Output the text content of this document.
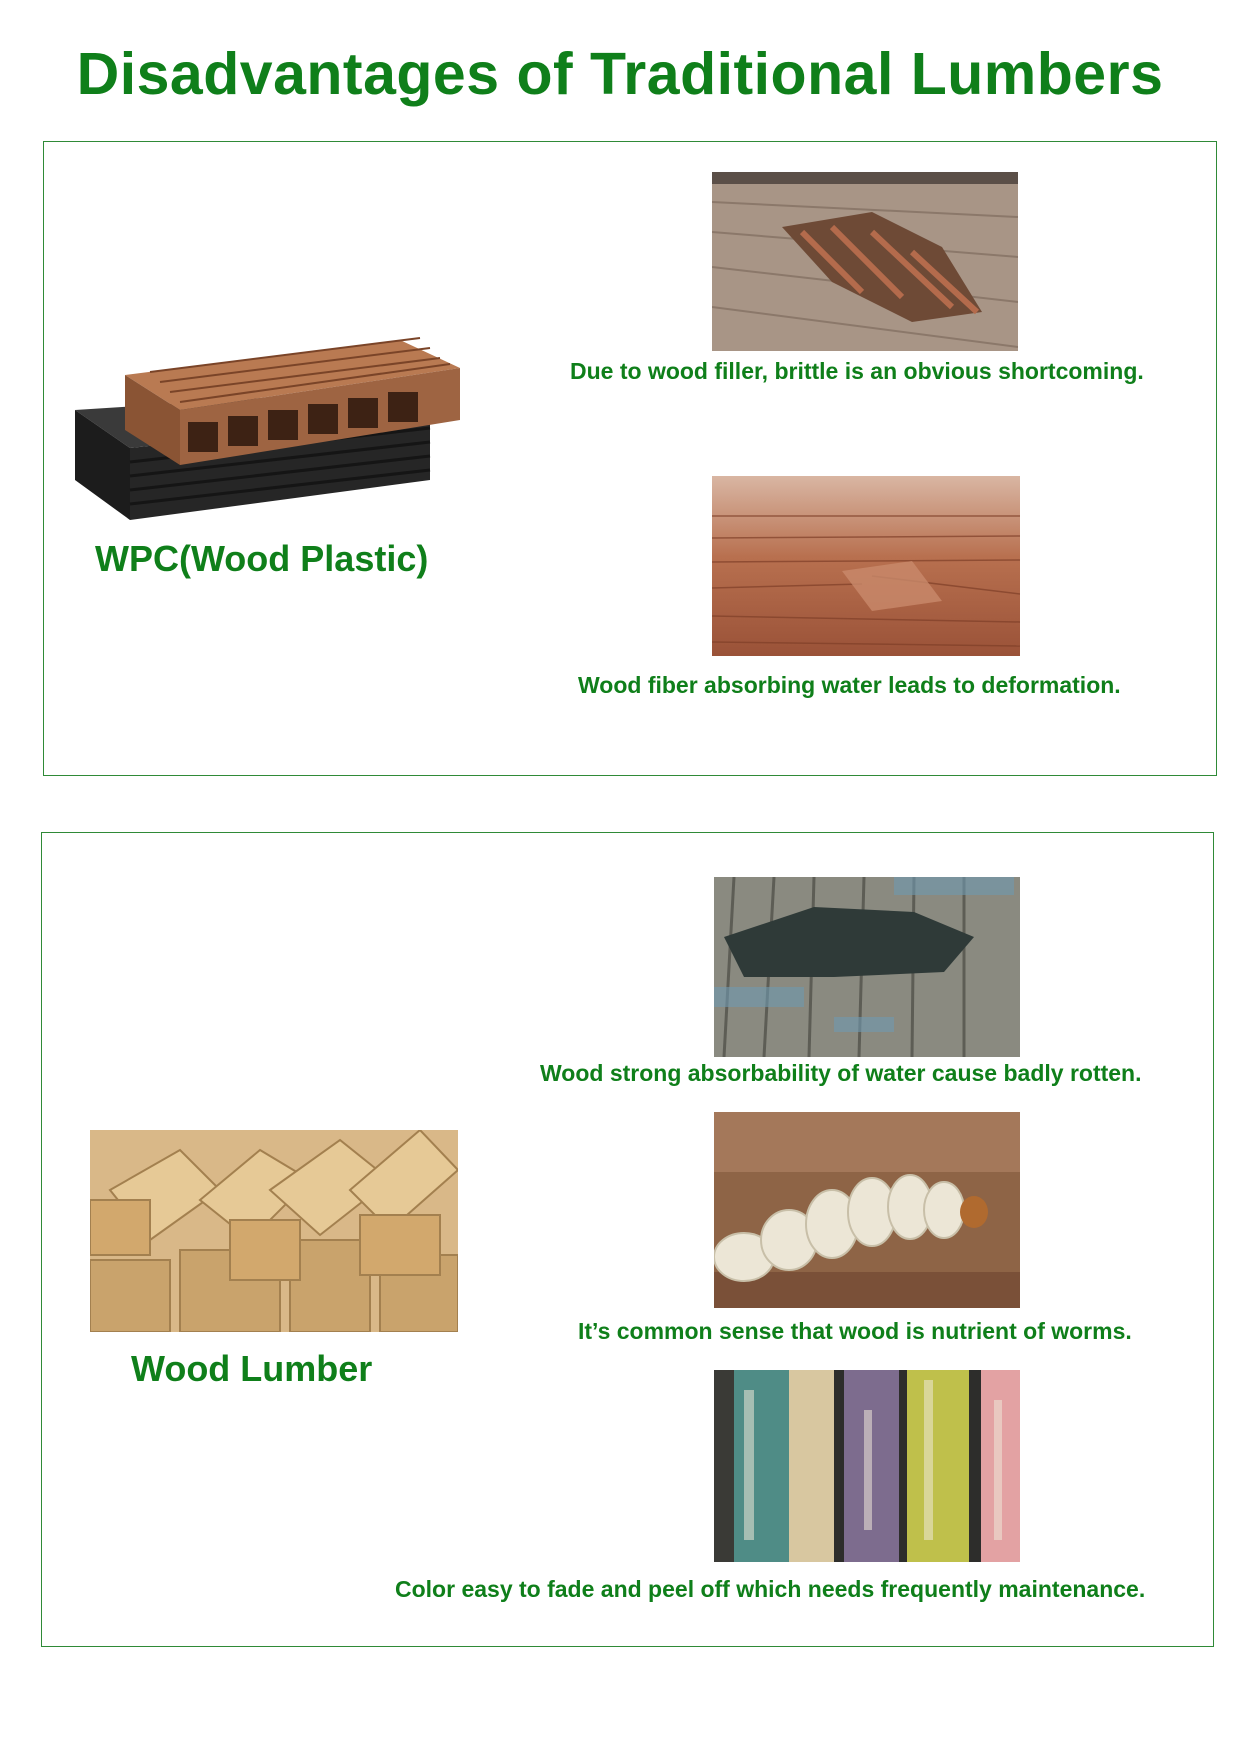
Disadvantages of Traditional Lumbers
WPC(Wood Plastic)
Due to wood filler, brittle is an obvious shortcoming.
Wood fiber absorbing water leads to deformation.
Wood Lumber
Wood strong absorbability of water cause badly rotten.
It’s common sense that wood is nutrient of worms.
Color easy to fade and peel off which needs frequently maintenance.
